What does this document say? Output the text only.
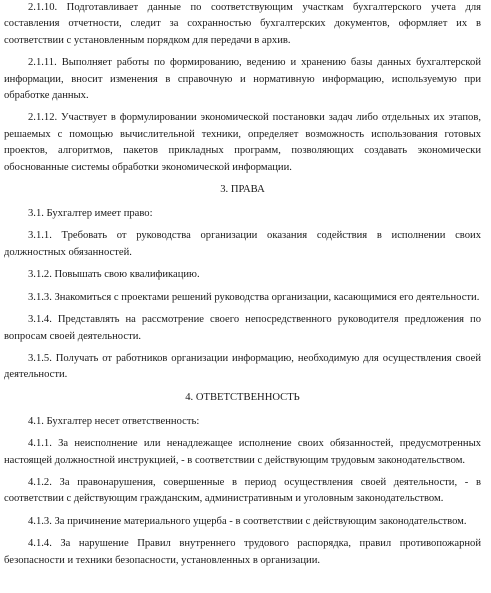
2.1.10. Подготавливает данные по соответствующим участкам бухгалтерского учета для составления отчетности, следит за сохранностью бухгалтерских документов, оформляет их в соответствии с установленным порядком для передачи в архив.

2.1.11. Выполняет работы по формированию, ведению и хранению базы данных бухгалтерской информации, вносит изменения в справочную и нормативную информацию, используемую при обработке данных.

2.1.12. Участвует в формулировании экономической постановки задач либо отдельных их этапов, решаемых с помощью вычислительной техники, определяет возможность использования готовых проектов, алгоритмов, пакетов прикладных программ, позволяющих создавать экономически обоснованные системы обработки экономической информации.

3. ПРАВА

3.1. Бухгалтер имеет право:

3.1.1. Требовать от руководства организации оказания содействия в исполнении своих должностных обязанностей.

3.1.2. Повышать свою квалификацию.

3.1.3. Знакомиться с проектами решений руководства организации, касающимися его деятельности.

3.1.4. Представлять на рассмотрение своего непосредственного руководителя предложения по вопросам своей деятельности.

3.1.5. Получать от работников организации информацию, необходимую для осуществления своей деятельности.

4. ОТВЕТСТВЕННОСТЬ

4.1. Бухгалтер несет ответственность:

4.1.1. За неисполнение или ненадлежащее исполнение своих обязанностей, предусмотренных настоящей должностной инструкцией, - в соответствии с действующим трудовым законодательством.

4.1.2. За правонарушения, совершенные в период осуществления своей деятельности, - в соответствии с действующим гражданским, административным и уголовным законодательством.

4.1.3. За причинение материального ущерба - в соответствии с действующим законодательством.

4.1.4. За нарушение Правил внутреннего трудового распорядка, правил противопожарной безопасности и техники безопасности, установленных в организации.
